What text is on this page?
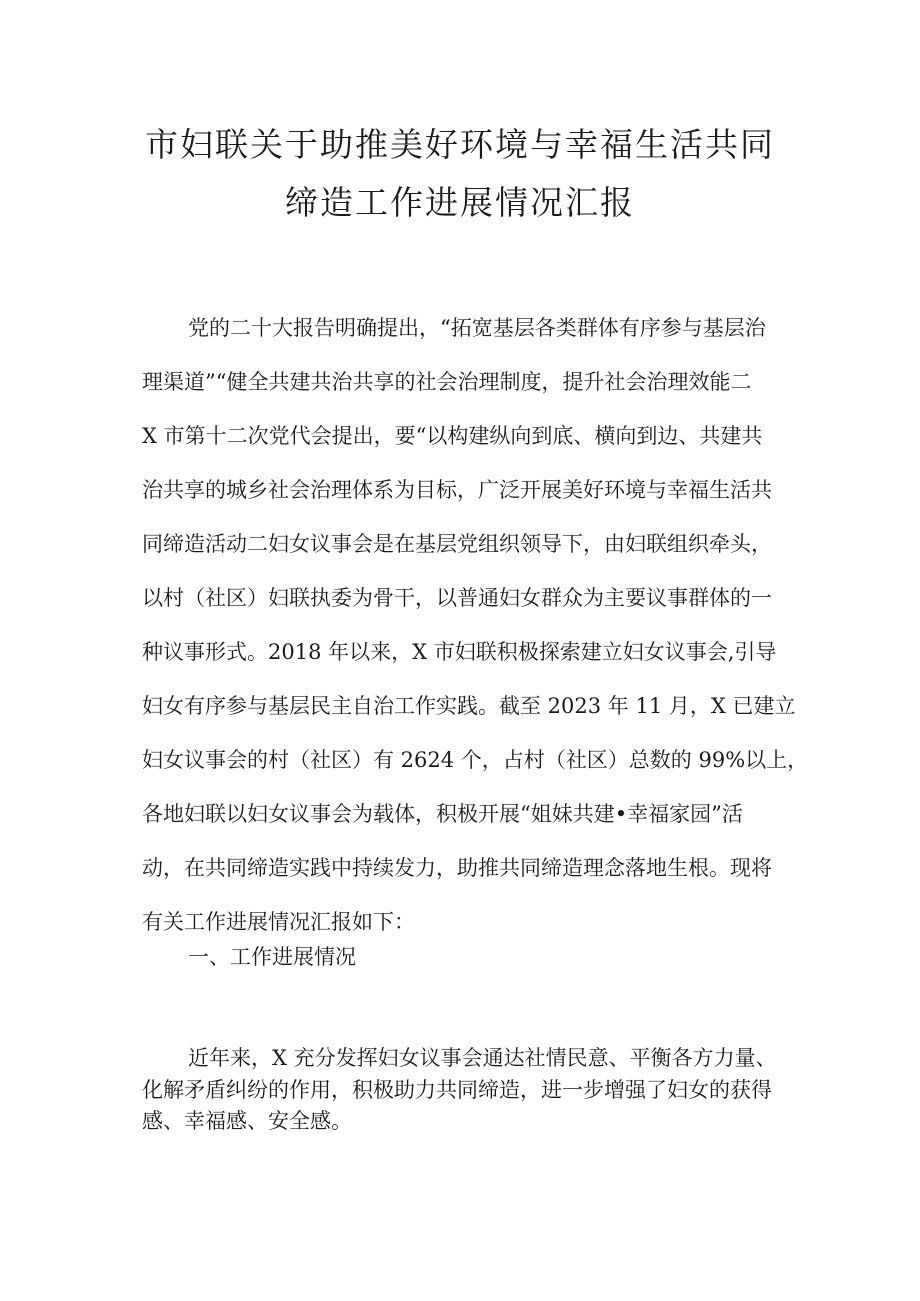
市妇联关于助推美好环境与幸福生活共同
缔造工作进展情况汇报
党的二十大报告明确提出，“拓宽基层各类群体有序参与基层治
理渠道”“健全共建共治共享的社会治理制度，提升社会治理效能二
X 市第十二次党代会提出，要“以构建纵向到底、横向到边、共建共
治共享的城乡社会治理体系为目标，广泛开展美好环境与幸福生活共
同缔造活动二妇女议事会是在基层党组织领导下，由妇联组织牵头，
以村（社区）妇联执委为骨干，以普通妇女群众为主要议事群体的一
种议事形式。2018 年以来，X 市妇联积极探索建立妇女议事会,引导
妇女有序参与基层民主自治工作实践。截至 2023 年 11 月，X 已建立
妇女议事会的村（社区）有 2624 个，占村（社区）总数的 99%以上，
各地妇联以妇女议事会为载体，积极开展“姐妹共建•幸福家园”活
动，在共同缔造实践中持续发力，助推共同缔造理念落地生根。现将
有关工作进展情况汇报如下：
一、工作进展情况
近年来，X 充分发挥妇女议事会通达社情民意、平衡各方力量、
化解矛盾纠纷的作用，积极助力共同缔造，进一步增强了妇女的获得
感、幸福感、安全感。
